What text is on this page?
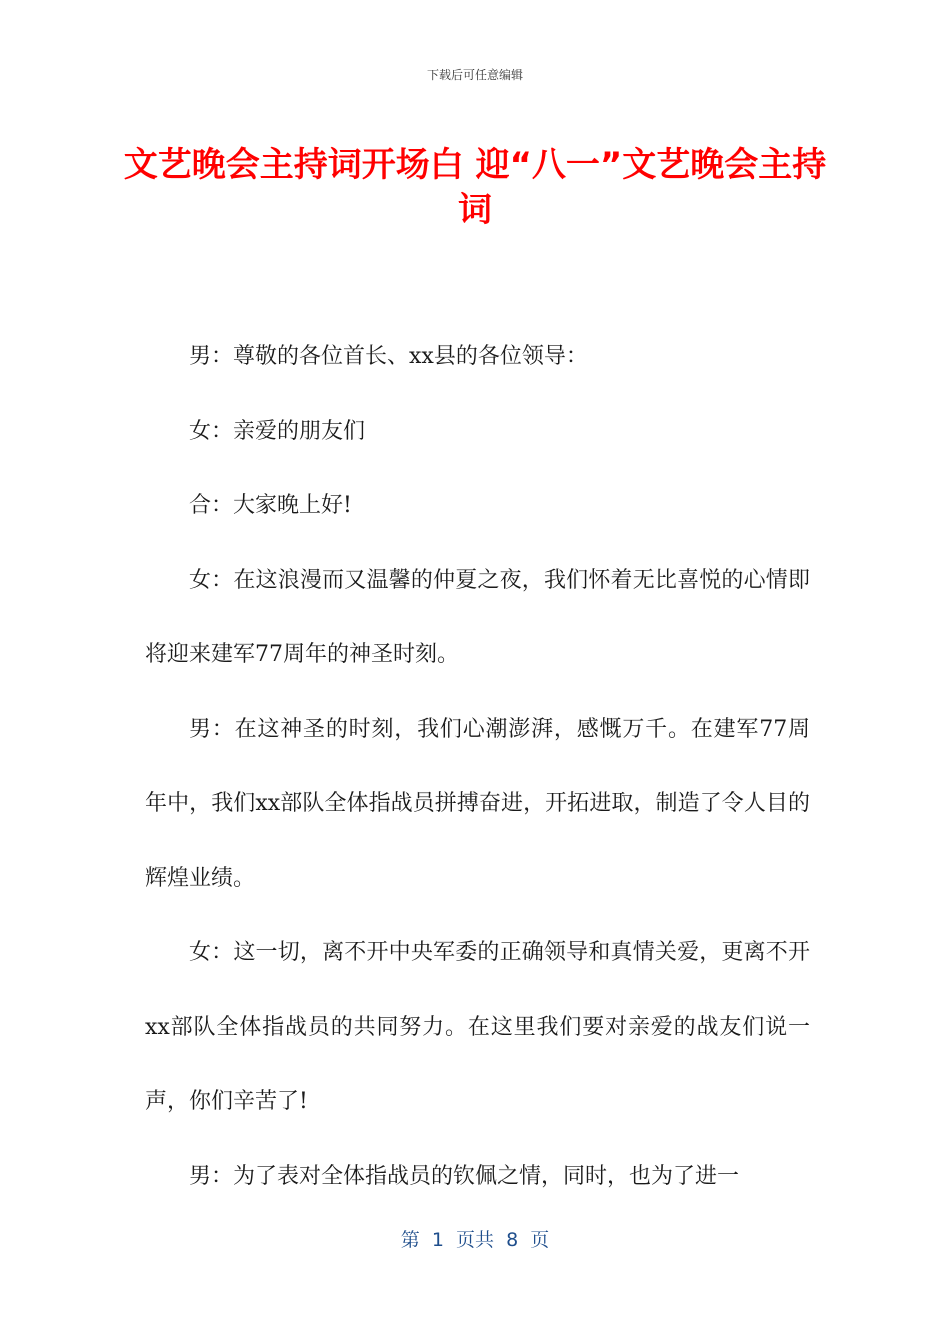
下载后可任意编辑
文艺晚会主持词开场白 迎“八一”文艺晚会主持词

男：尊敬的各位首长、xx县的各位领导：

女：亲爱的朋友们

合：大家晚上好!

女：在这浪漫而又温馨的仲夏之夜，我们怀着无比喜悦的心情即将迎来建军77周年的神圣时刻。

男：在这神圣的时刻，我们心潮澎湃，感慨万千。在建军77周年中，我们xx部队全体指战员拼搏奋进，开拓进取，制造了令人目的辉煌业绩。

女：这一切，离不开中央军委的正确领导和真情关爱，更离不开xx部队全体指战员的共同努力。在这里我们要对亲爱的战友们说一声，你们辛苦了!

男：为了表对全体指战员的钦佩之情，同时，也为了进一

第  1  页共  8  页
